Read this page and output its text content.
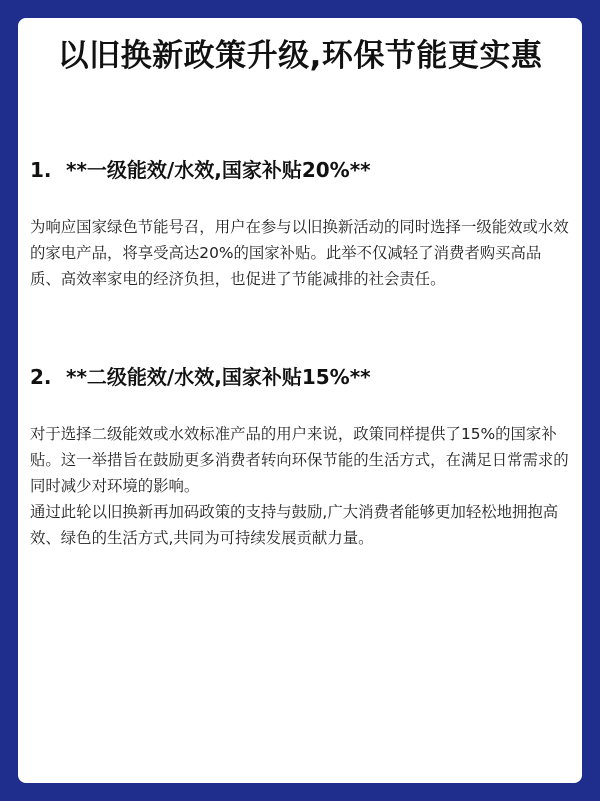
以旧换新政策升级,环保节能更实惠
1. **一级能效/水效,国家补贴20%**

为响应国家绿色节能号召，用户在参与以旧换新活动的同时选择一级能效或水效的家电产品，将享受高达20%的国家补贴。此举不仅减轻了消费者购买高品质、高效率家电的经济负担，也促进了节能减排的社会责任。

2. **二级能效/水效,国家补贴15%**

对于选择二级能效或水效标准产品的用户来说，政策同样提供了15%的国家补贴。这一举措旨在鼓励更多消费者转向环保节能的生活方式，在满足日常需求的同时减少对环境的影响。

通过此轮以旧换新再加码政策的支持与鼓励,广大消费者能够更加轻松地拥抱高效、绿色的生活方式,共同为可持续发展贡献力量。
